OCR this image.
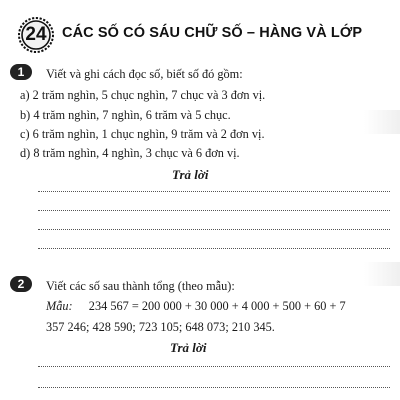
24	CÁC SỐ CÓ SÁU CHỮ SỐ – HÀNG VÀ LỚP
1	Viết và ghi cách đọc số, biết số đó gồm:
a) 2 trăm nghìn, 5 chục nghìn, 7 chục và 3 đơn vị.
b) 4 trăm nghìn, 7 nghìn, 6 trăm và 5 chục.
c) 6 trăm nghìn, 1 chục nghìn, 9 trăm và 2 đơn vị.
d) 8 trăm nghìn, 4 nghìn, 3 chục và 6 đơn vị.
Trả lời
2	Viết các số sau thành tổng (theo mẫu):
Mẫu: 234 567 = 200 000 + 30 000 + 4 000 + 500 + 60 + 7
357 246; 428 590; 723 105; 648 073; 210 345.
Trả lời
